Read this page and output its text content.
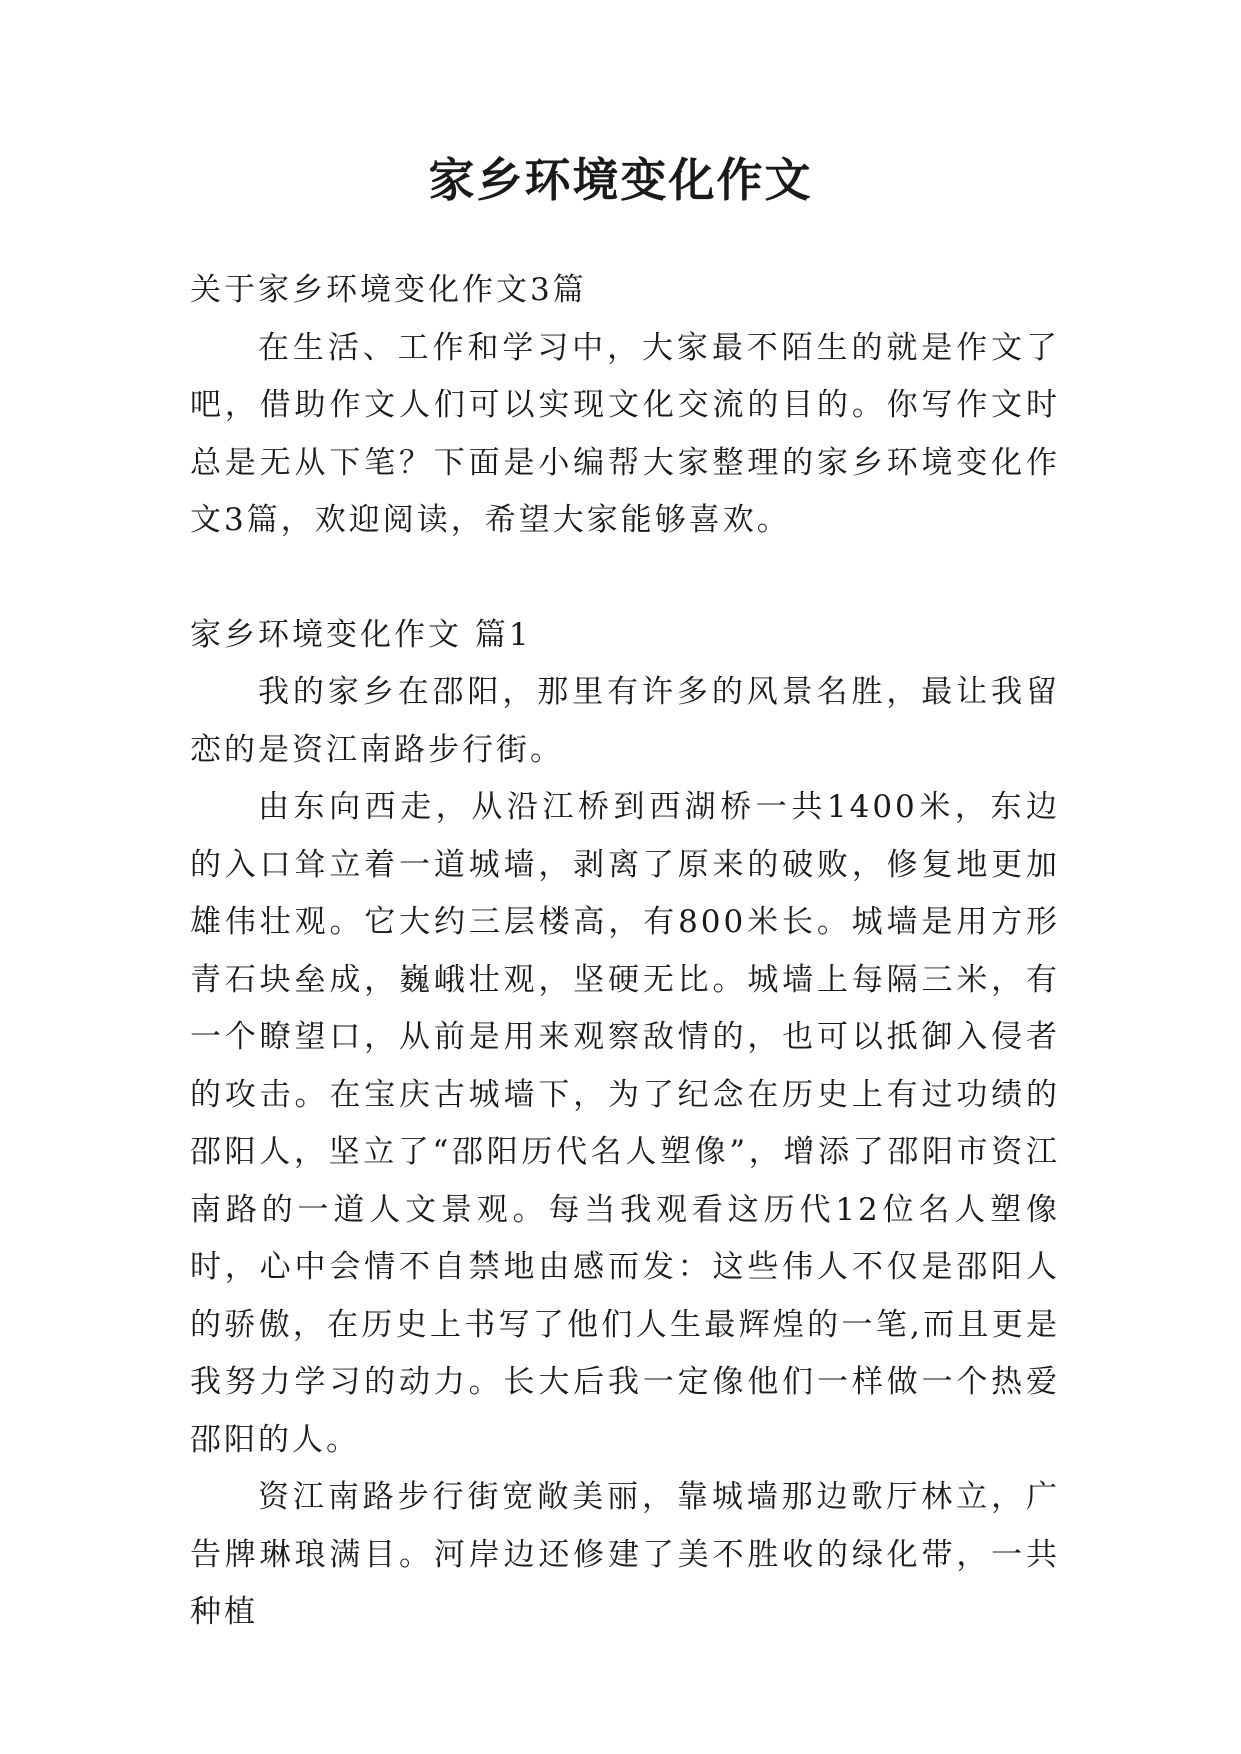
家乡环境变化作文

关于家乡环境变化作文3篇

在生活、工作和学习中，大家最不陌生的就是作文了吧，借助作文人们可以实现文化交流的目的。你写作文时总是无从下笔？下面是小编帮大家整理的家乡环境变化作文3篇，欢迎阅读，希望大家能够喜欢。

家乡环境变化作文 篇1

我的家乡在邵阳，那里有许多的风景名胜，最让我留恋的是资江南路步行街。

由东向西走，从沿江桥到西湖桥一共1400米，东边的入口耸立着一道城墙，剥离了原来的破败，修复地更加雄伟壮观。它大约三层楼高，有800米长。城墙是用方形青石块垒成，巍峨壮观，坚硬无比。城墙上每隔三米，有一个瞭望口，从前是用来观察敌情的，也可以抵御入侵者的攻击。在宝庆古城墙下，为了纪念在历史上有过功绩的邵阳人，坚立了“邵阳历代名人塑像”，增添了邵阳市资江南路的一道人文景观。每当我观看这历代12位名人塑像时，心中会情不自禁地由感而发：这些伟人不仅是邵阳人的骄傲，在历史上书写了他们人生最辉煌的一笔,而且更是我努力学习的动力。长大后我一定像他们一样做一个热爱邵阳的人。

资江南路步行街宽敞美丽，靠城墙那边歌厅林立，广告牌琳琅满目。河岸边还修建了美不胜收的绿化带，一共种植
